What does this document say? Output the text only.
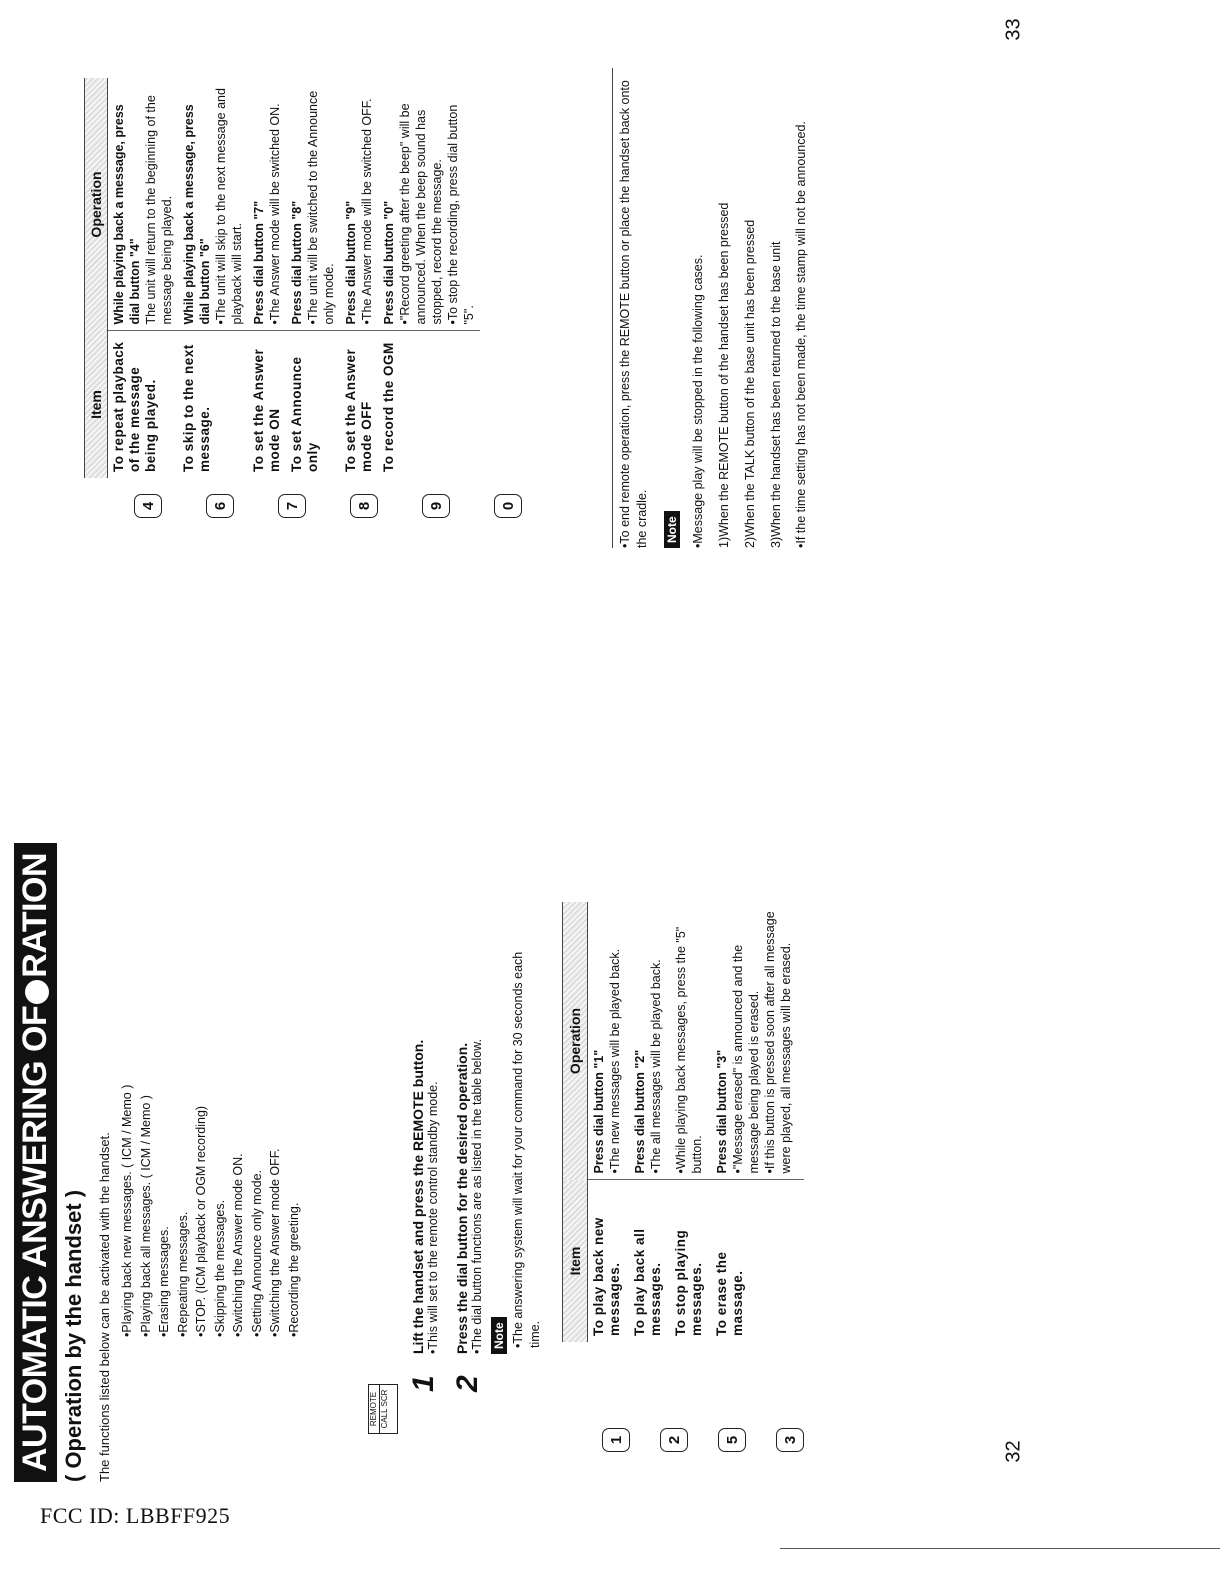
33
32
FCC ID: LBBFF925
AUTOMATIC ANSWERING OFRATION
( Operation by the handset ) The functions listed below can be activated with the handset.	REMOTE CALL SCR
• Playing back new messages. ( ICM / Memo ) • Playing back all messages. ( ICM / Memo ) • Erasing messages. • Repeating messages. • STOP. (ICM playback or OGM recording) • Skipping the messages. • Switching the Answer mode ON. • Setting Announce only mode. • Switching the Answer mode OFF. • Recording the greeting.
1
Lift the handset and press the REMOTE button. •This will set to the remote control standby mode.
2
Press the dial button for the desired operation. •The dial button functions are as listed in the table below. Note •The answering system will wait for your command for 30 seconds each time.
1	2	5	3
Item	Operation
To play back new messages.	Press dial button "1" • The new messages will be played back.

To play back all messages.	Press dial button "2" • The all messages will be played back.

To stop playing messages.	• While playing back messages, press the "5" button.

To erase the massage.	Press dial button "3" • "Message erased" is announced and the message being played is erased. • If this button is pressed soon after all message were played, all messages will be erased.
4	6	7	8	9	0
Item	Operation
To repeat playback of the message being played.	While playing back a message, press dial button "4" The unit will return to the beginning of the message being played.

To skip to the next message.	While playing back a message, press dial button "6" • The unit will skip to the next message and playback will start.

To set the Answer mode ON	Press dial button "7" • The Answer mode will be switched ON.

To set Announce only	Press dial button "8" • The unit will be switched to the Announce only mode.

To set the Answer mode OFF	Press dial button "9" • The Answer mode will be switched OFF.

To record the OGM	Press dial button "0" • "Record greeting after the beep" will be announced. When the beep sound has stopped, record the message. • To stop the recording, press dial button "5".
•To end remote operation, press the REMOTE button or place the handset back onto the cradle. Note
•Message play will be stopped in the following cases. 1)When the REMOTE button of the handset has been pressed 2)When the TALK button of the base unit has been pressed 3)When the handset has been returned to the base unit •If the time setting has not been made, the time stamp will not be announced.
